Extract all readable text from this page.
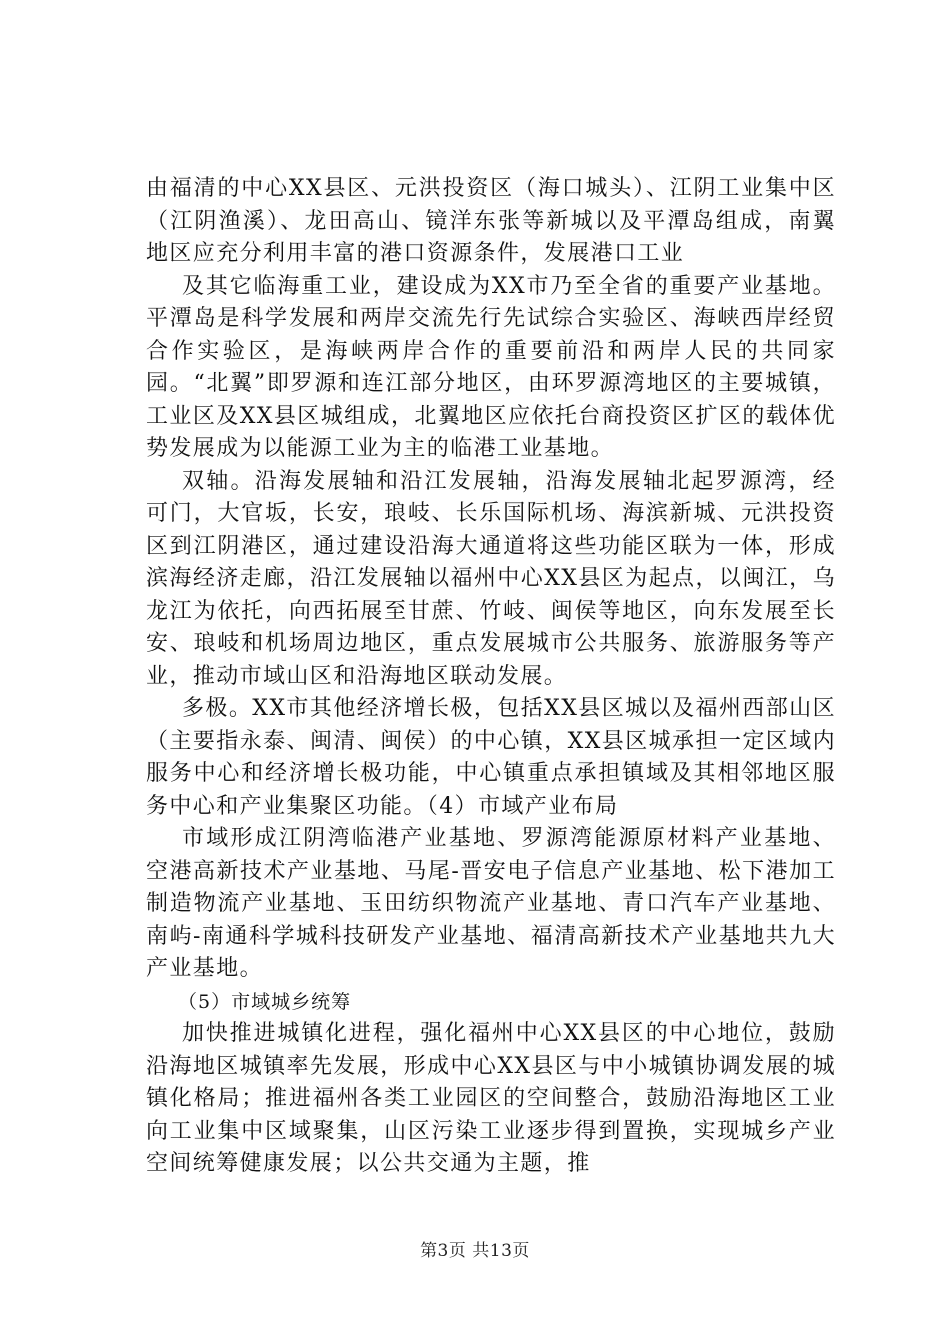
由福清的中心XX县区、元洪投资区（海口城头）、江阴工业集中区（江阴渔溪）、龙田高山、镜洋东张等新城以及平潭岛组成，南翼地区应充分利用丰富的港口资源条件，发展港口工业

及其它临海重工业，建设成为XX市乃至全省的重要产业基地。平潭岛是科学发展和两岸交流先行先试综合实验区、海峡西岸经贸合作实验区，是海峡两岸合作的重要前沿和两岸人民的共同家园。“北翼”即罗源和连江部分地区，由环罗源湾地区的主要城镇，工业区及XX县区城组成，北翼地区应依托台商投资区扩区的载体优势发展成为以能源工业为主的临港工业基地。

双轴。沿海发展轴和沿江发展轴，沿海发展轴北起罗源湾，经可门，大官坂，长安，琅岐、长乐国际机场、海滨新城、元洪投资区到江阴港区，通过建设沿海大通道将这些功能区联为一体，形成滨海经济走廊，沿江发展轴以福州中心XX县区为起点，以闽江，乌龙江为依托，向西拓展至甘蔗、竹岐、闽侯等地区，向东发展至长安、琅岐和机场周边地区，重点发展城市公共服务、旅游服务等产业，推动市域山区和沿海地区联动发展。

多极。XX市其他经济增长极，包括XX县区城以及福州西部山区（主要指永泰、闽清、闽侯）的中心镇，XX县区城承担一定区域内服务中心和经济增长极功能，中心镇重点承担镇域及其相邻地区服务中心和产业集聚区功能。（4）市域产业布局

市域形成江阴湾临港产业基地、罗源湾能源原材料产业基地、空港高新技术产业基地、马尾-晋安电子信息产业基地、松下港加工制造物流产业基地、玉田纺织物流产业基地、青口汽车产业基地、南屿-南通科学城科技研发产业基地、福清高新技术产业基地共九大产业基地。

（5）市域城乡统筹

加快推进城镇化进程，强化福州中心XX县区的中心地位，鼓励沿海地区城镇率先发展，形成中心XX县区与中小城镇协调发展的城镇化格局；推进福州各类工业园区的空间整合，鼓励沿海地区工业向工业集中区域聚集，山区污染工业逐步得到置换，实现城乡产业空间统筹健康发展；以公共交通为主题，推

第3页 共13页
